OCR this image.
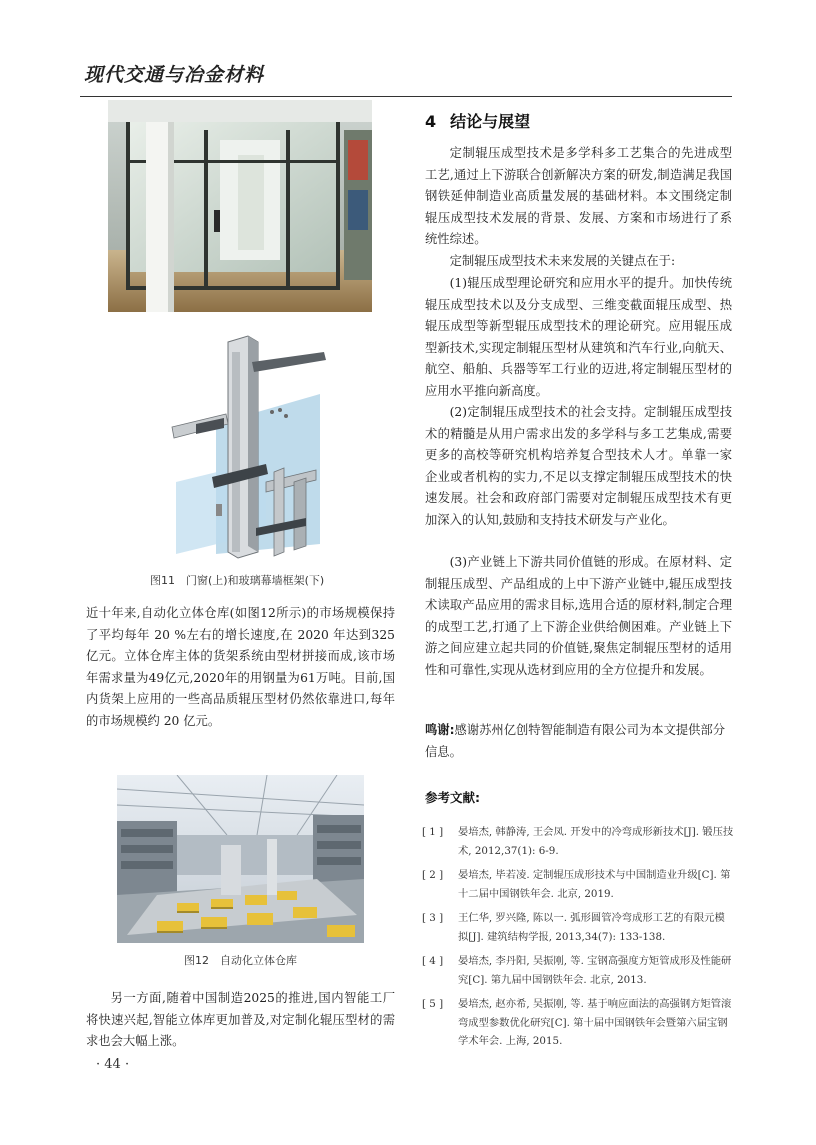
现代交通与冶金材料
图11　门窗(上)和玻璃幕墙框架(下)

近十年来,自动化立体仓库(如图12所示)的市场规模保持了平均每年 20 %左右的增长速度,在 2020 年达到325亿元。立体仓库主体的货架系统由型材拼接而成,该市场年需求量为49亿元,2020年的用钢量为61万吨。目前,国内货架上应用的一些高品质辊压型材仍然依靠进口,每年的市场规模约 20 亿元。

图12　自动化立体仓库

另一方面,随着中国制造2025的推进,国内智能工厂将快速兴起,智能立体库更加普及,对定制化辊压型材的需求也会大幅上涨。

· 44 ·
4 结论与展望

定制辊压成型技术是多学科多工艺集合的先进成型工艺,通过上下游联合创新解决方案的研发,制造满足我国钢铁延伸制造业高质量发展的基础材料。本文围绕定制辊压成型技术发展的背景、发展、方案和市场进行了系统性综述。

定制辊压成型技术未来发展的关键点在于:

(1)辊压成型理论研究和应用水平的提升。加快传统辊压成型技术以及分支成型、三维变截面辊压成型、热辊压成型等新型辊压成型技术的理论研究。应用辊压成型新技术,实现定制辊压型材从建筑和汽车行业,向航天、航空、船舶、兵器等军工行业的迈进,将定制辊压型材的应用水平推向新高度。

(2)定制辊压成型技术的社会支持。定制辊压成型技术的精髓是从用户需求出发的多学科与多工艺集成,需要更多的高校等研究机构培养复合型技术人才。单靠一家企业或者机构的实力,不足以支撑定制辊压成型技术的快速发展。社会和政府部门需要对定制辊压成型技术有更加深入的认知,鼓励和支持技术研发与产业化。

(3)产业链上下游共同价值链的形成。在原材料、定制辊压成型、产品组成的上中下游产业链中,辊压成型技术读取产品应用的需求目标,选用合适的原材料,制定合理的成型工艺,打通了上下游企业供给侧困难。产业链上下游之间应建立起共同的价值链,聚焦定制辊压型材的适用性和可靠性,实现从选材到应用的全方位提升和发展。

鸣谢:感谢苏州亿创特智能制造有限公司为本文提供部分信息。

参考文献:

[ 1 ] 晏培杰, 韩静涛, 王会凤. 开发中的冷弯成形新技术[J]. 锻压技术, 2012,37(1): 6-9.

[ 2 ] 晏培杰, 毕若凌. 定制辊压成形技术与中国制造业升级[C]. 第十二届中国钢铁年会. 北京, 2019.

[ 3 ] 王仁华, 罗兴隆, 陈以一. 弧形圆管冷弯成形工艺的有限元模拟[J]. 建筑结构学报, 2013,34(7): 133-138.

[ 4 ] 晏培杰, 李丹阳, 吴振刚, 等. 宝钢高强度方矩管成形及性能研究[C]. 第九届中国钢铁年会. 北京, 2013.

[ 5 ] 晏培杰, 赵亦希, 吴振刚, 等. 基于响应面法的高强钢方矩管滚弯成型参数优化研究[C]. 第十届中国钢铁年会暨第六届宝钢学术年会. 上海, 2015.
